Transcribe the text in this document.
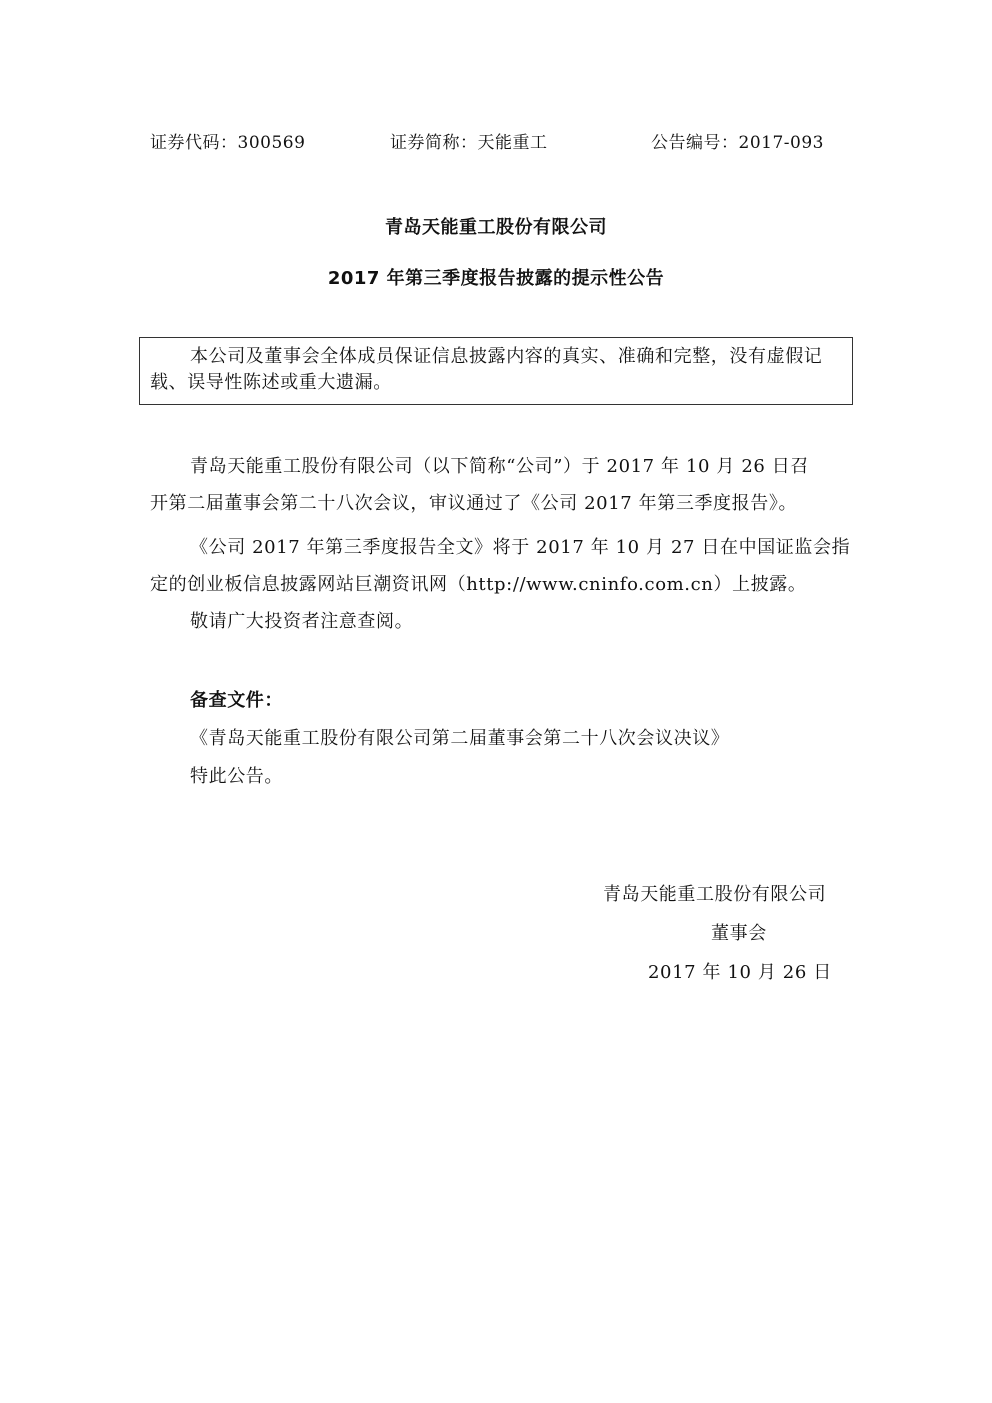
证券代码：300569	证券简称：天能重工	公告编号：2017-093
青岛天能重工股份有限公司
2017 年第三季度报告披露的提示性公告
本公司及董事会全体成员保证信息披露内容的真实、准确和完整，没有虚假记载、误导性陈述或重大遗漏。
青岛天能重工股份有限公司（以下简称“公司”）于 2017 年 10 月 26 日召
开第二届董事会第二十八次会议，审议通过了《公司 2017 年第三季度报告》。
《公司 2017 年第三季度报告全文》将于 2017 年 10 月 27 日在中国证监会指
定的创业板信息披露网站巨潮资讯网（http://www.cninfo.com.cn）上披露。
敬请广大投资者注意查阅。
备查文件：
《青岛天能重工股份有限公司第二届董事会第二十八次会议决议》
特此公告。
青岛天能重工股份有限公司
董事会
2017 年 10 月 26 日
